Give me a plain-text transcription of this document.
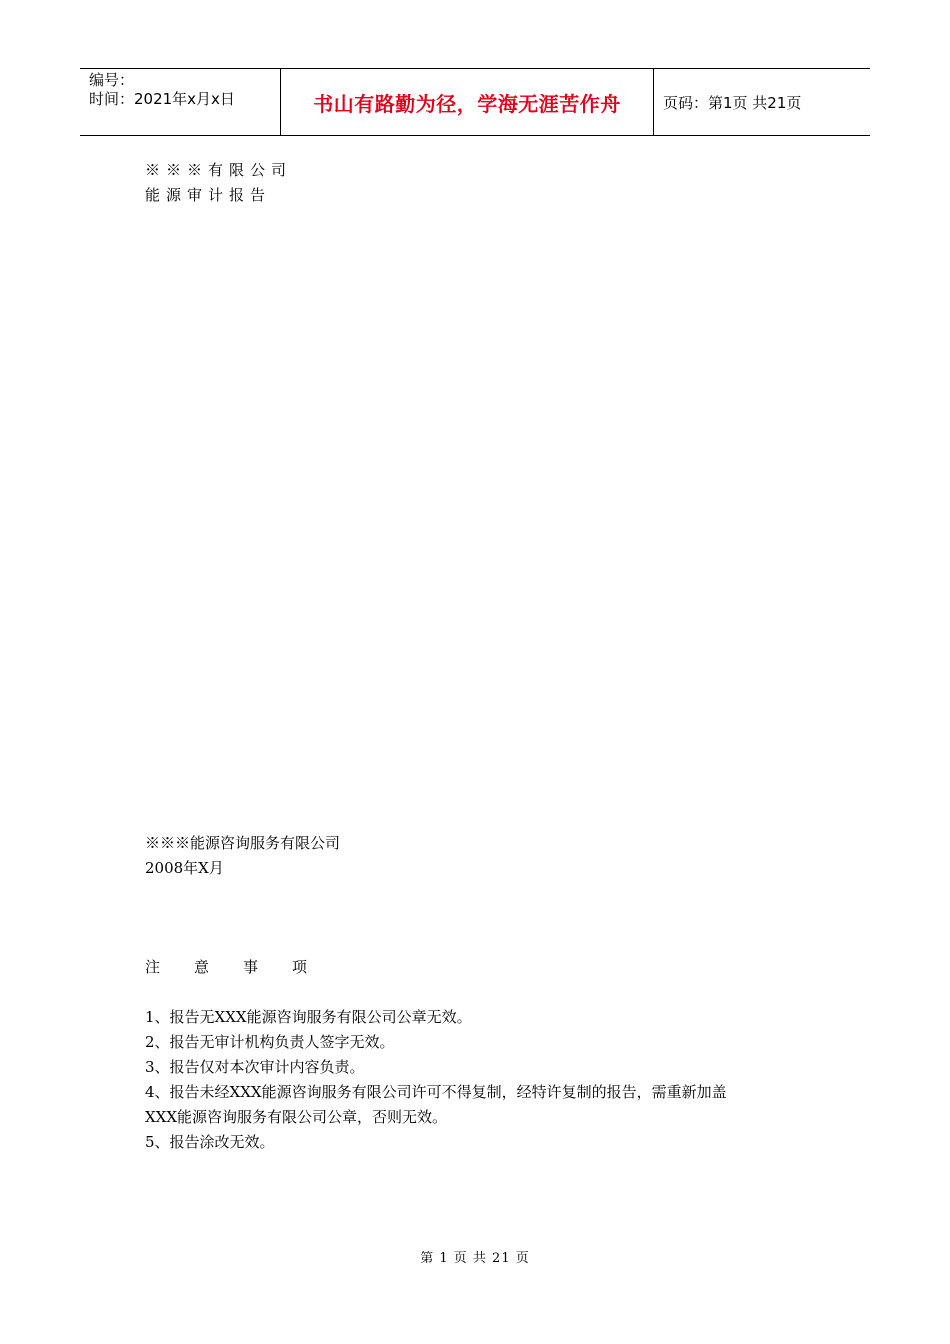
编号：
时间：2021年x月x日	书山有路勤为径，学海无涯苦作舟	页码：第1页 共21页
※※※有限公司
能源审计报告
※※※能源咨询服务有限公司
2008年X月
注意事项
1、报告无XXX能源咨询服务有限公司公章无效。
2、报告无审计机构负责人签字无效。
3、报告仅对本次审计内容负责。
4、报告未经XXX能源咨询服务有限公司许可不得复制，经特许复制的报告，需重新加盖
XXX能源咨询服务有限公司公章，否则无效。
5、报告涂改无效。
第 1 页 共 21 页
